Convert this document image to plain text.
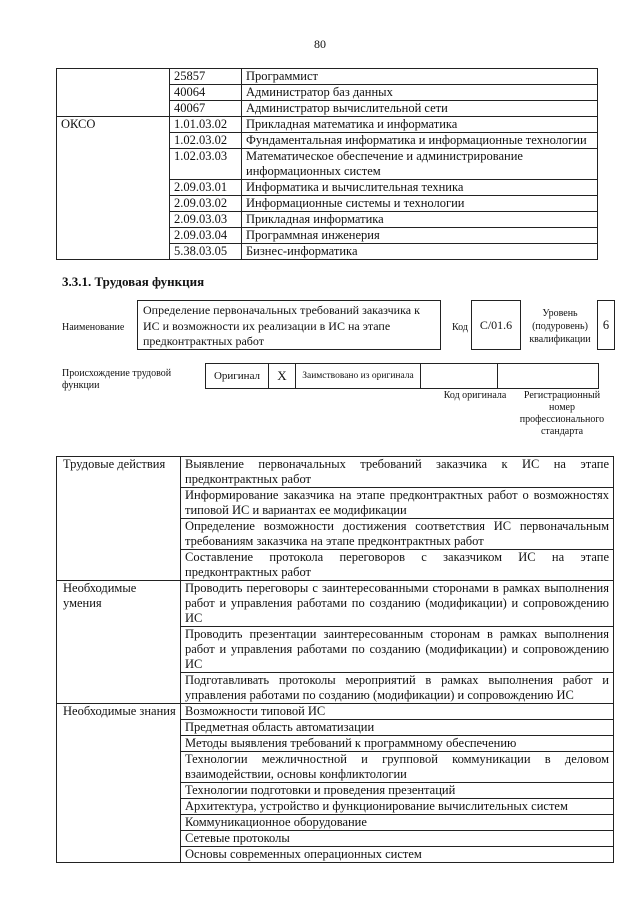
80
	25857	Программист
	40064	Администратор баз данных
	40067	Администратор вычислительной сети
ОКСО	1.01.03.02	Прикладная математика и информатика
	1.02.03.02	Фундаментальная информатика и информационные технологии
	1.02.03.03	Математическое обеспечение и администрирование информационных систем
	2.09.03.01	Информатика и вычислительная техника
	2.09.03.02	Информационные системы и технологии
	2.09.03.03	Прикладная информатика
	2.09.03.04	Программная инженерия
	5.38.03.05	Бизнес-информатика
3.3.1. Трудовая функция
Наименование
Определение первоначальных требований заказчика к ИС и возможности их реализации в ИС на этапе предконтрактных работ
Код C/01.6
Уровень (подуровень) квалификации
6
Происхождение трудовой функции
Оригинал	X	Заимствовано из оригинала		
Код оригинала	Регистрационный номер профессионального стандарта
Трудовые действия	Выявление первоначальных требований заказчика к ИС на этапе предконтрактных работ
	Информирование заказчика на этапе предконтрактных работ о возможностях типовой ИС и вариантах ее модификации
	Определение возможности достижения соответствия ИС первоначальным требованиям заказчика на этапе предконтрактных работ
	Составление протокола переговоров с заказчиком ИС на этапе предконтрактных работ
Необходимые умения	Проводить переговоры с заинтересованными сторонами в рамках выполнения работ и управления работами по созданию (модификации) и сопровождению ИС
	Проводить презентации заинтересованным сторонам в рамках выполнения работ и управления работами по созданию (модификации) и сопровождению ИС
	Подготавливать протоколы мероприятий в рамках выполнения работ и управления работами по созданию (модификации) и сопровождению ИС
Необходимые знания	Возможности типовой ИС
	Предметная область автоматизации
	Методы выявления требований к программному обеспечению
	Технологии межличностной и групповой коммуникации в деловом взаимодействии, основы конфликтологии
	Технологии подготовки и проведения презентаций
	Архитектура, устройство и функционирование вычислительных систем
	Коммуникационное оборудование
	Сетевые протоколы
	Основы современных операционных систем
